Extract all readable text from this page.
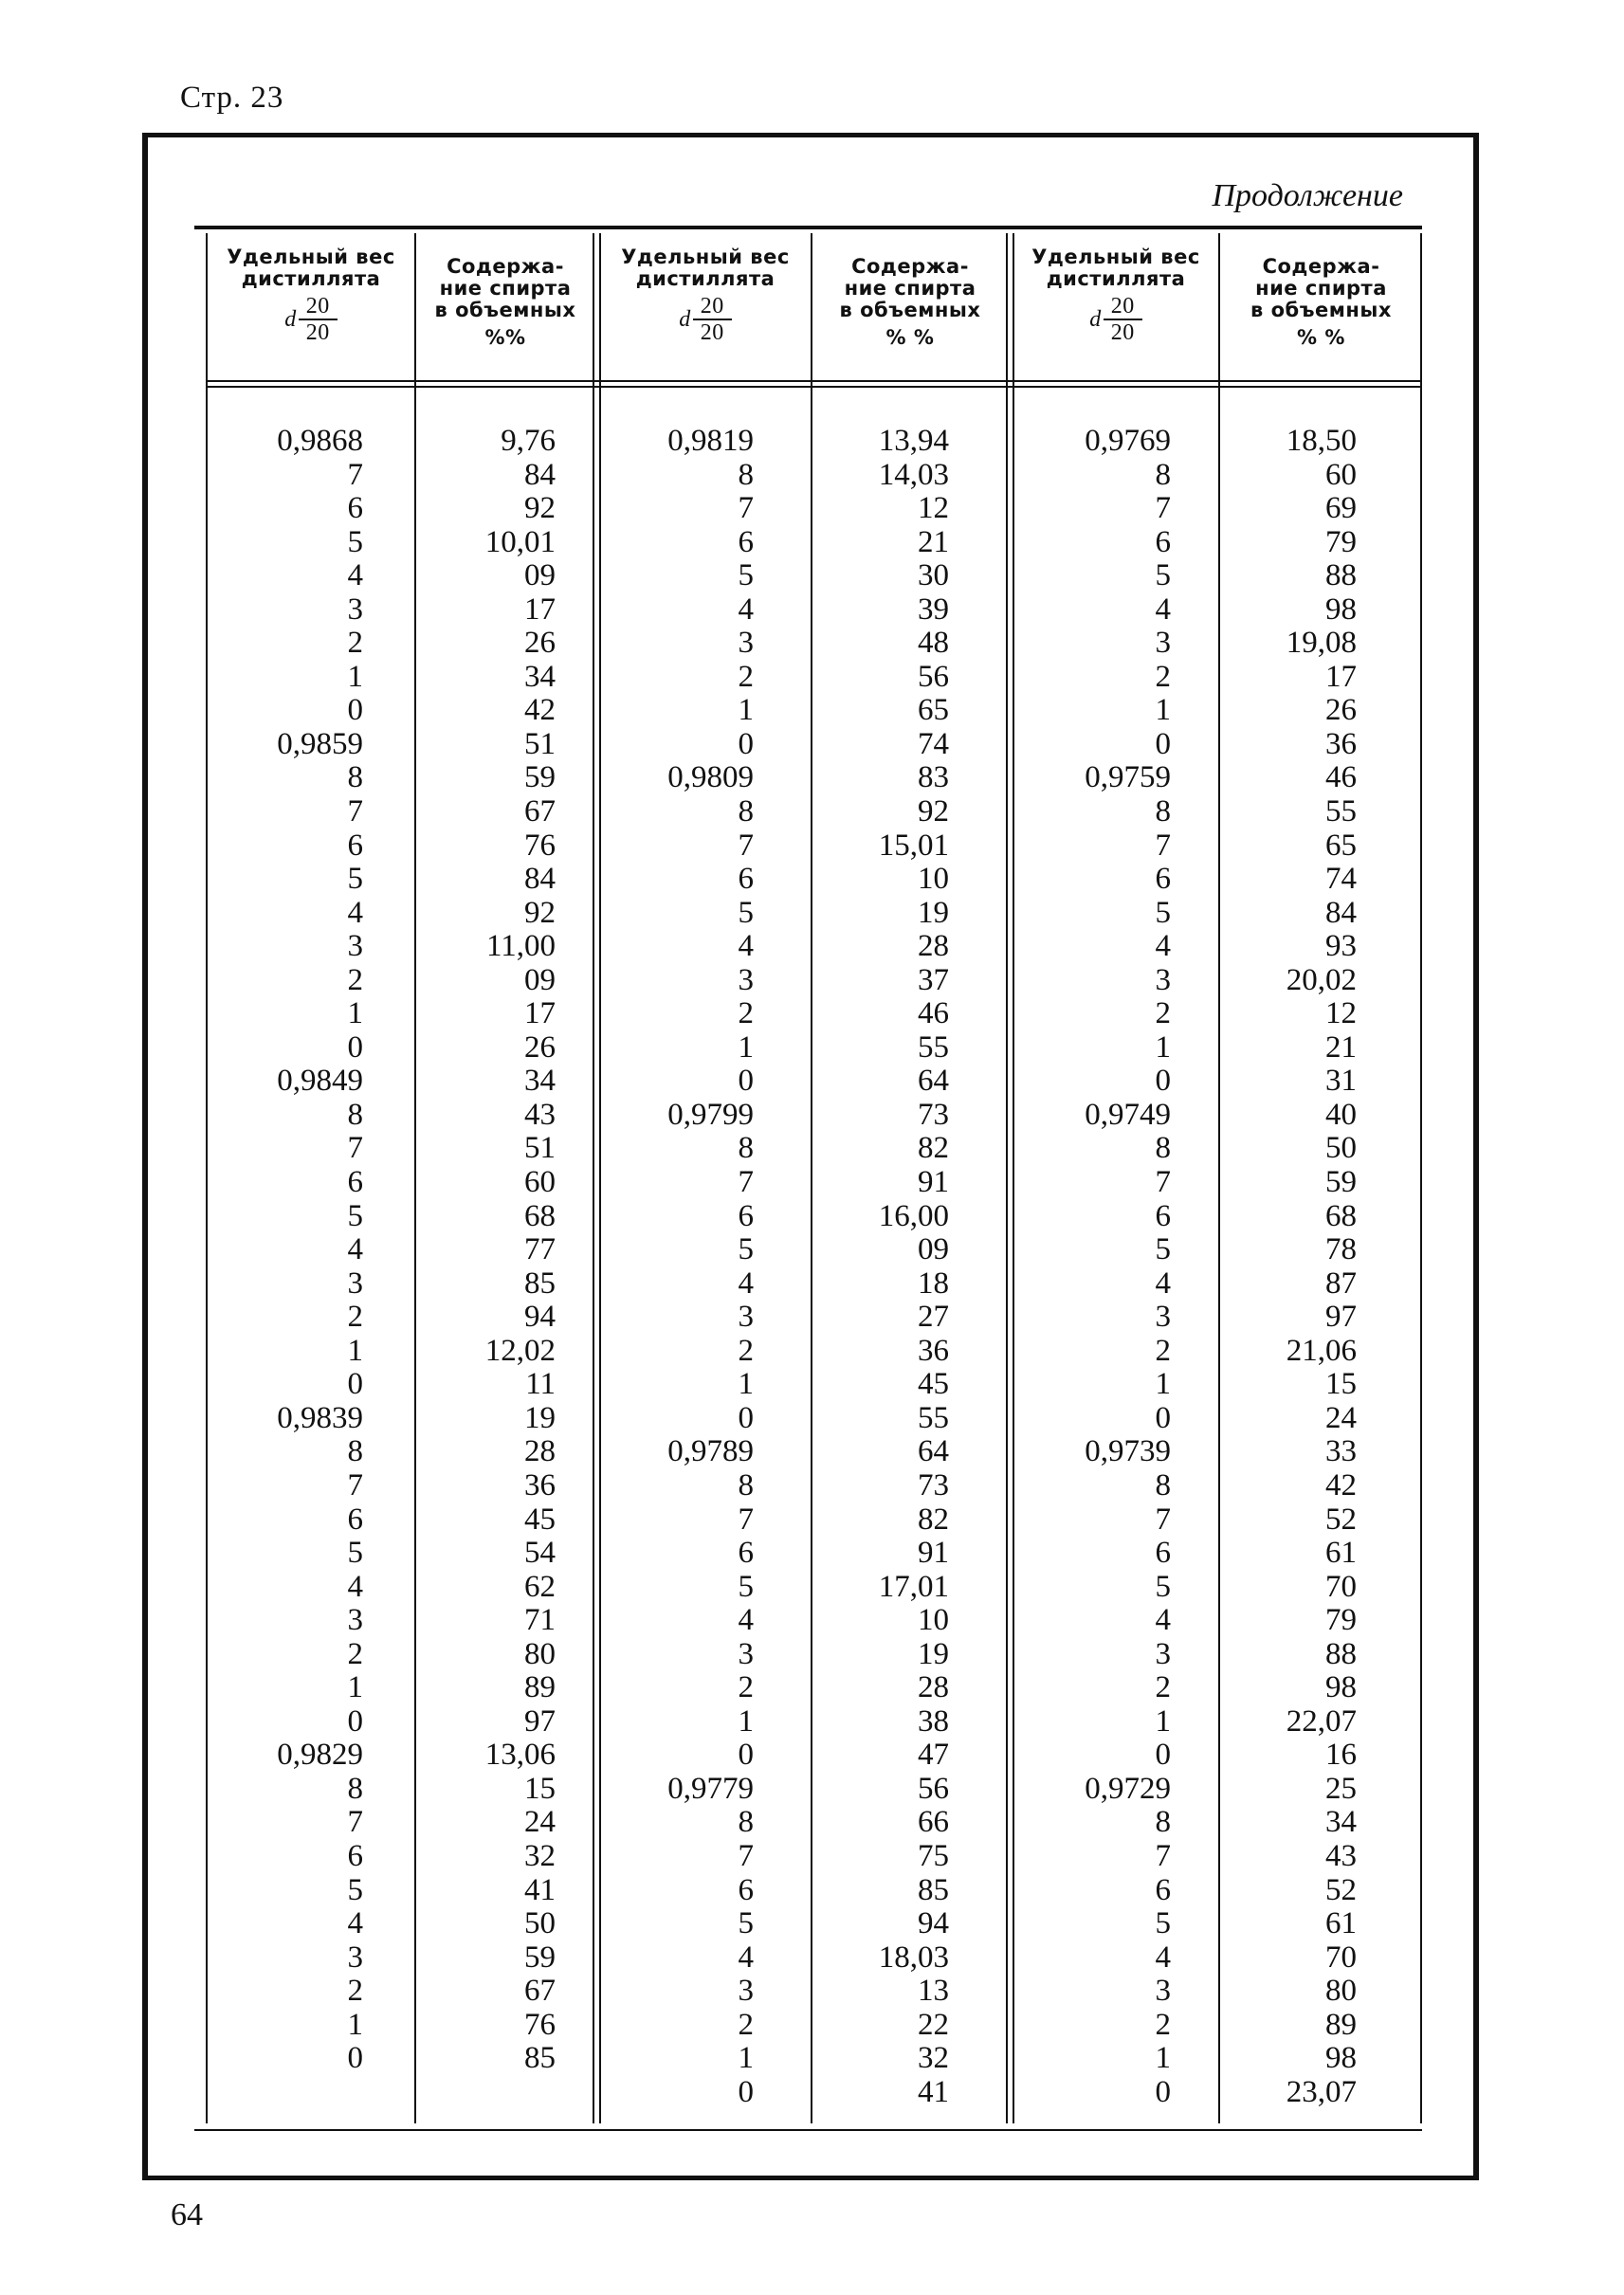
Стр. 23
Продолжение
Удельный вес
дистиллята
d $\frac{20}{20}$
Содержа-
ние спирта
в объемных
%%
Удельный вес
дистиллята
d $\frac{20}{20}$
Содержа-
ние спирта
в объемных
% %
Удельный вес
дистиллята
d $\frac{20}{20}$
Содержа-
ние спирта
в объемных
% %
0,9868
7
6
5
4
3
2
1
0
0,9859
8
7
6
5
4
3
2
1
0
0,9849
8
7
6
5
4
3
2
1
0
0,9839
8
7
6
5
4
3
2
1
0
0,9829
8
7
6
5
4
3
2
1
0
9,76
84
92
10,01
09
17
26
34
42
51
59
67
76
84
92
11,00
09
17
26
34
43
51
60
68
77
85
94
12,02
11
19
28
36
45
54
62
71
80
89
97
13,06
15
24
32
41
50
59
67
76
85
0,9819
8
7
6
5
4
3
2
1
0
0,9809
8
7
6
5
4
3
2
1
0
0,9799
8
7
6
5
4
3
2
1
0
0,9789
8
7
6
5
4
3
2
1
0
0,9779
8
7
6
5
4
3
2
1
0
13,94
14,03
12
21
30
39
48
56
65
74
83
92
15,01
10
19
28
37
46
55
64
73
82
91
16,00
09
18
27
36
45
55
64
73
82
91
17,01
10
19
28
38
47
56
66
75
85
94
18,03
13
22
32
41
0,9769
8
7
6
5
4
3
2
1
0
0,9759
8
7
6
5
4
3
2
1
0
0,9749
8
7
6
5
4
3
2
1
0
0,9739
8
7
6
5
4
3
2
1
0
0,9729
8
7
6
5
4
3
2
1
0
18,50
60
69
79
88
98
19,08
17
26
36
46
55
65
74
84
93
20,02
12
21
31
40
50
59
68
78
87
97
21,06
15
24
33
42
52
61
70
79
88
98
22,07
16
25
34
43
52
61
70
80
89
98
23,07
64
